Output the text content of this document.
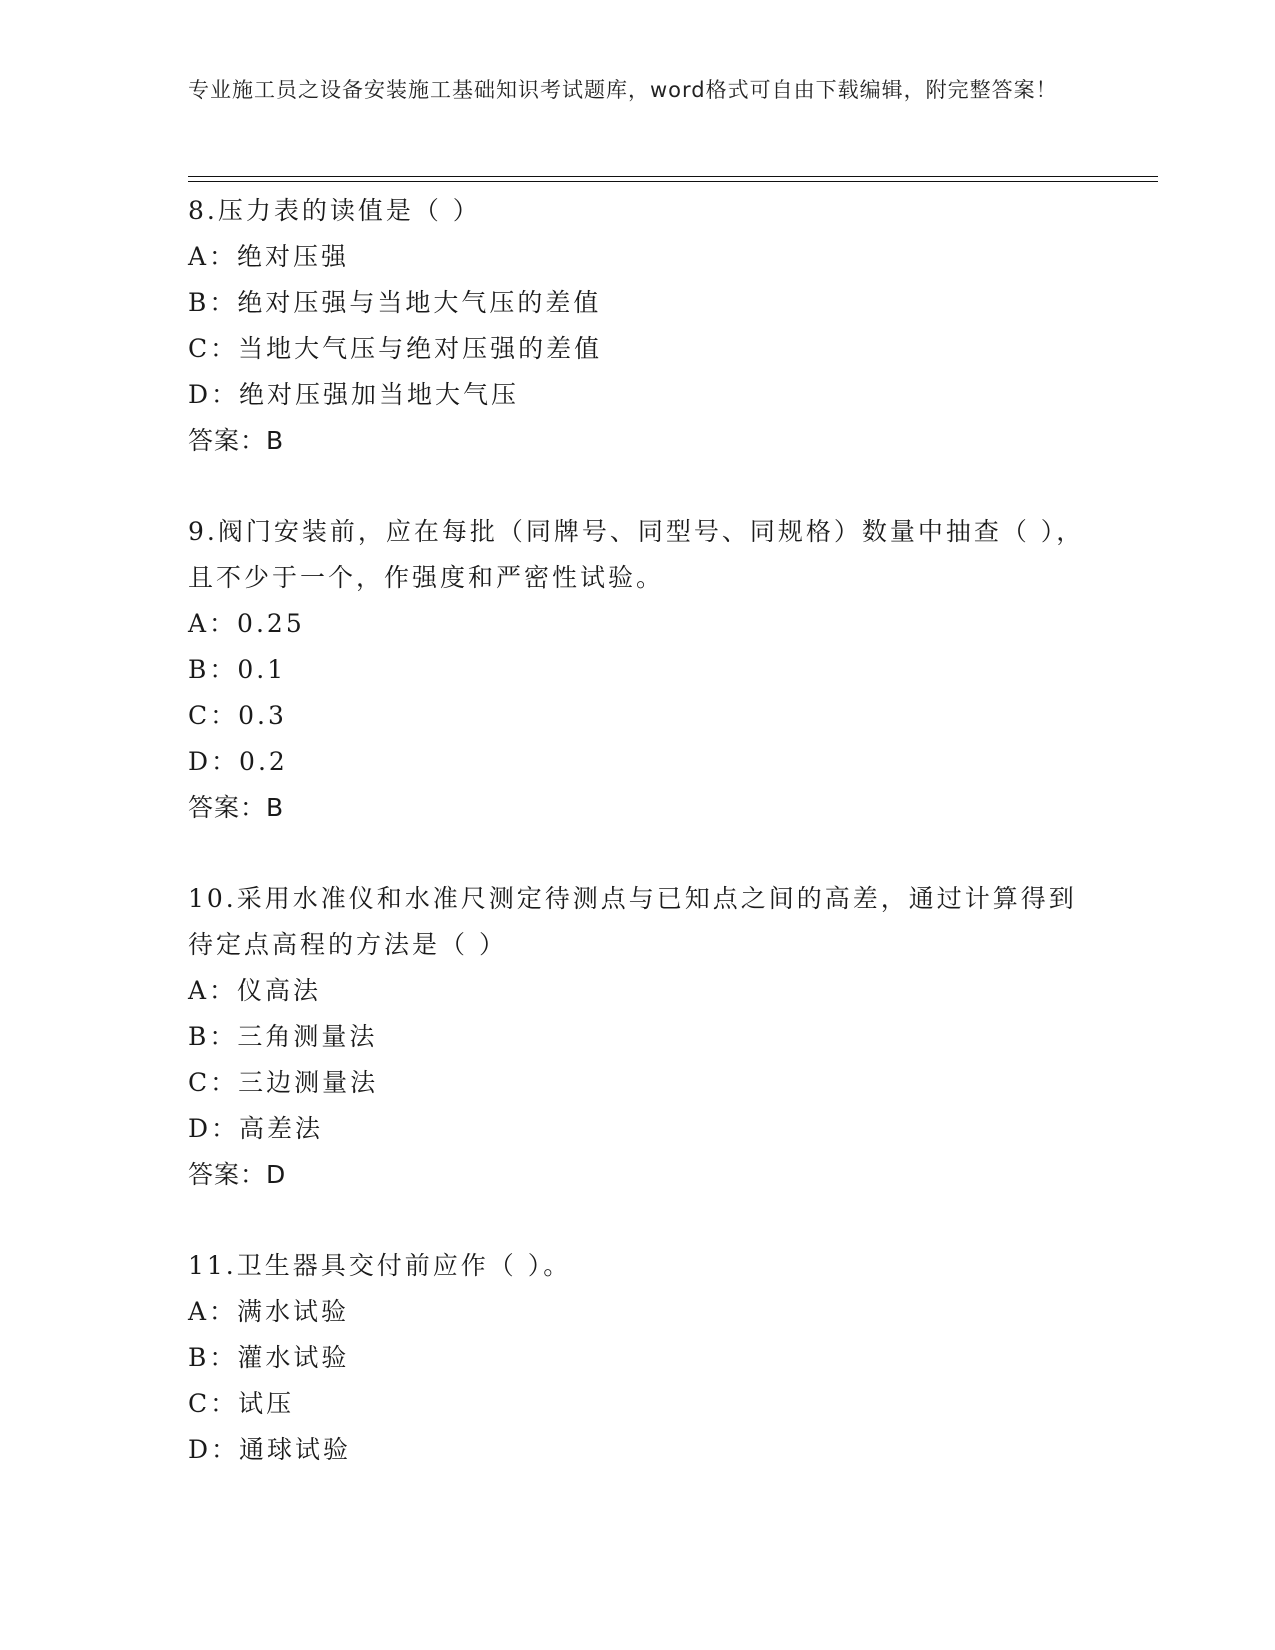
专业施工员之设备安装施工基础知识考试题库，word格式可自由下载编辑，附完整答案！
8.压力表的读值是（ ）
A：绝对压强
B：绝对压强与当地大气压的差值
C：当地大气压与绝对压强的差值
D：绝对压强加当地大气压
答案：B
9.阀门安装前，应在每批（同牌号、同型号、同规格）数量中抽查（ ），且不少于一个，作强度和严密性试验。
A：0.25
B：0.1
C：0.3
D：0.2
答案：B
10.采用水准仪和水准尺测定待测点与已知点之间的高差，通过计算得到待定点高程的方法是（ ）
A：仪高法
B：三角测量法
C：三边测量法
D：高差法
答案：D
11.卫生器具交付前应作（ ）。
A：满水试验
B：灌水试验
C：试压
D：通球试验
